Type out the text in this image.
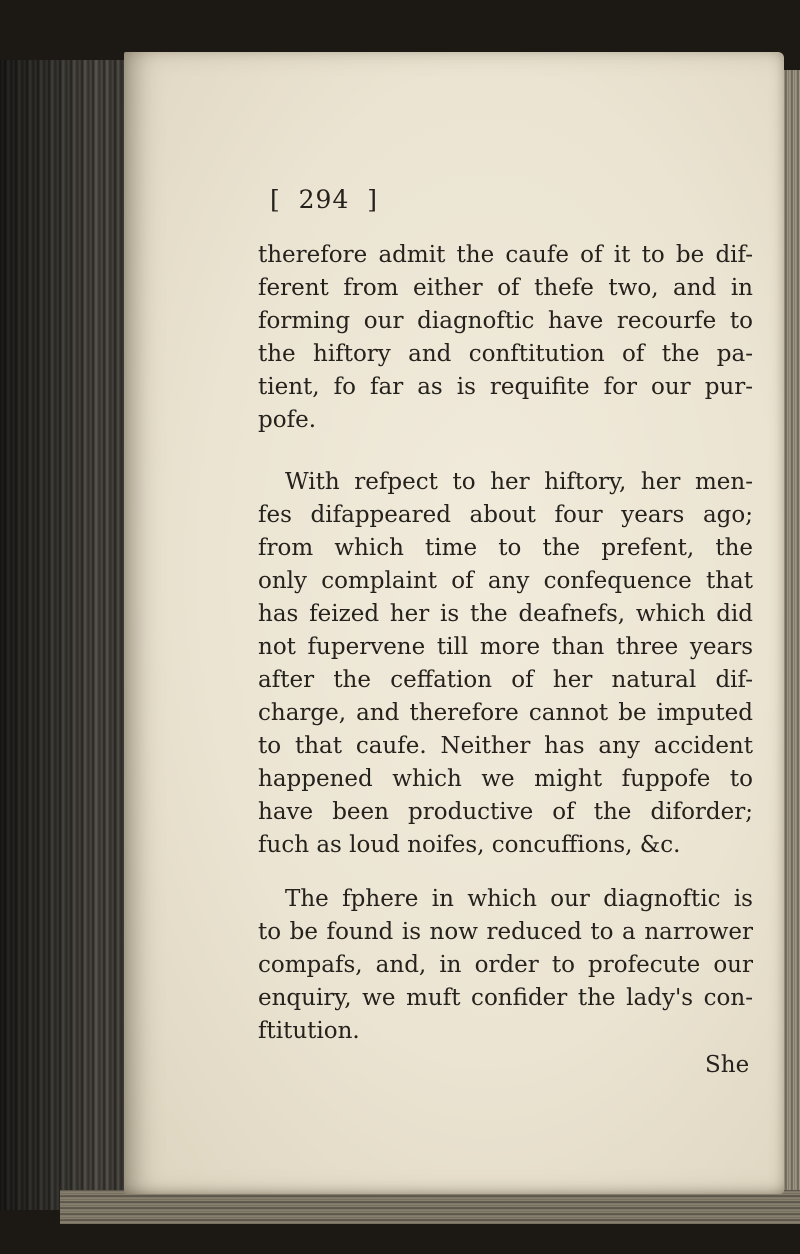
[  294  ]
therefore admit the caufe of it to be dif-
ferent from either of thefe two, and in
forming our diagnoftic have recourfe to
the hiftory and conftitution of the pa-
tient, fo far as is requifite for our pur-
pofe.
With refpect to her hiftory, her men-
fes difappeared about four years ago;
from which time to the prefent, the
only complaint of any confequence that
has feized her is the deafnefs, which did
not fupervene till more than three years
after the ceffation of her natural dif-
charge, and therefore cannot be imputed
to that caufe. Neither has any accident
happened which we might fuppofe to
have been productive of the diforder;
fuch as loud noifes, concuffions, &c.
The fphere in which our diagnoftic is
to be found is now reduced to a narrower
compafs, and, in order to profecute our
enquiry, we muft confider the lady's con-
ftitution.
She
